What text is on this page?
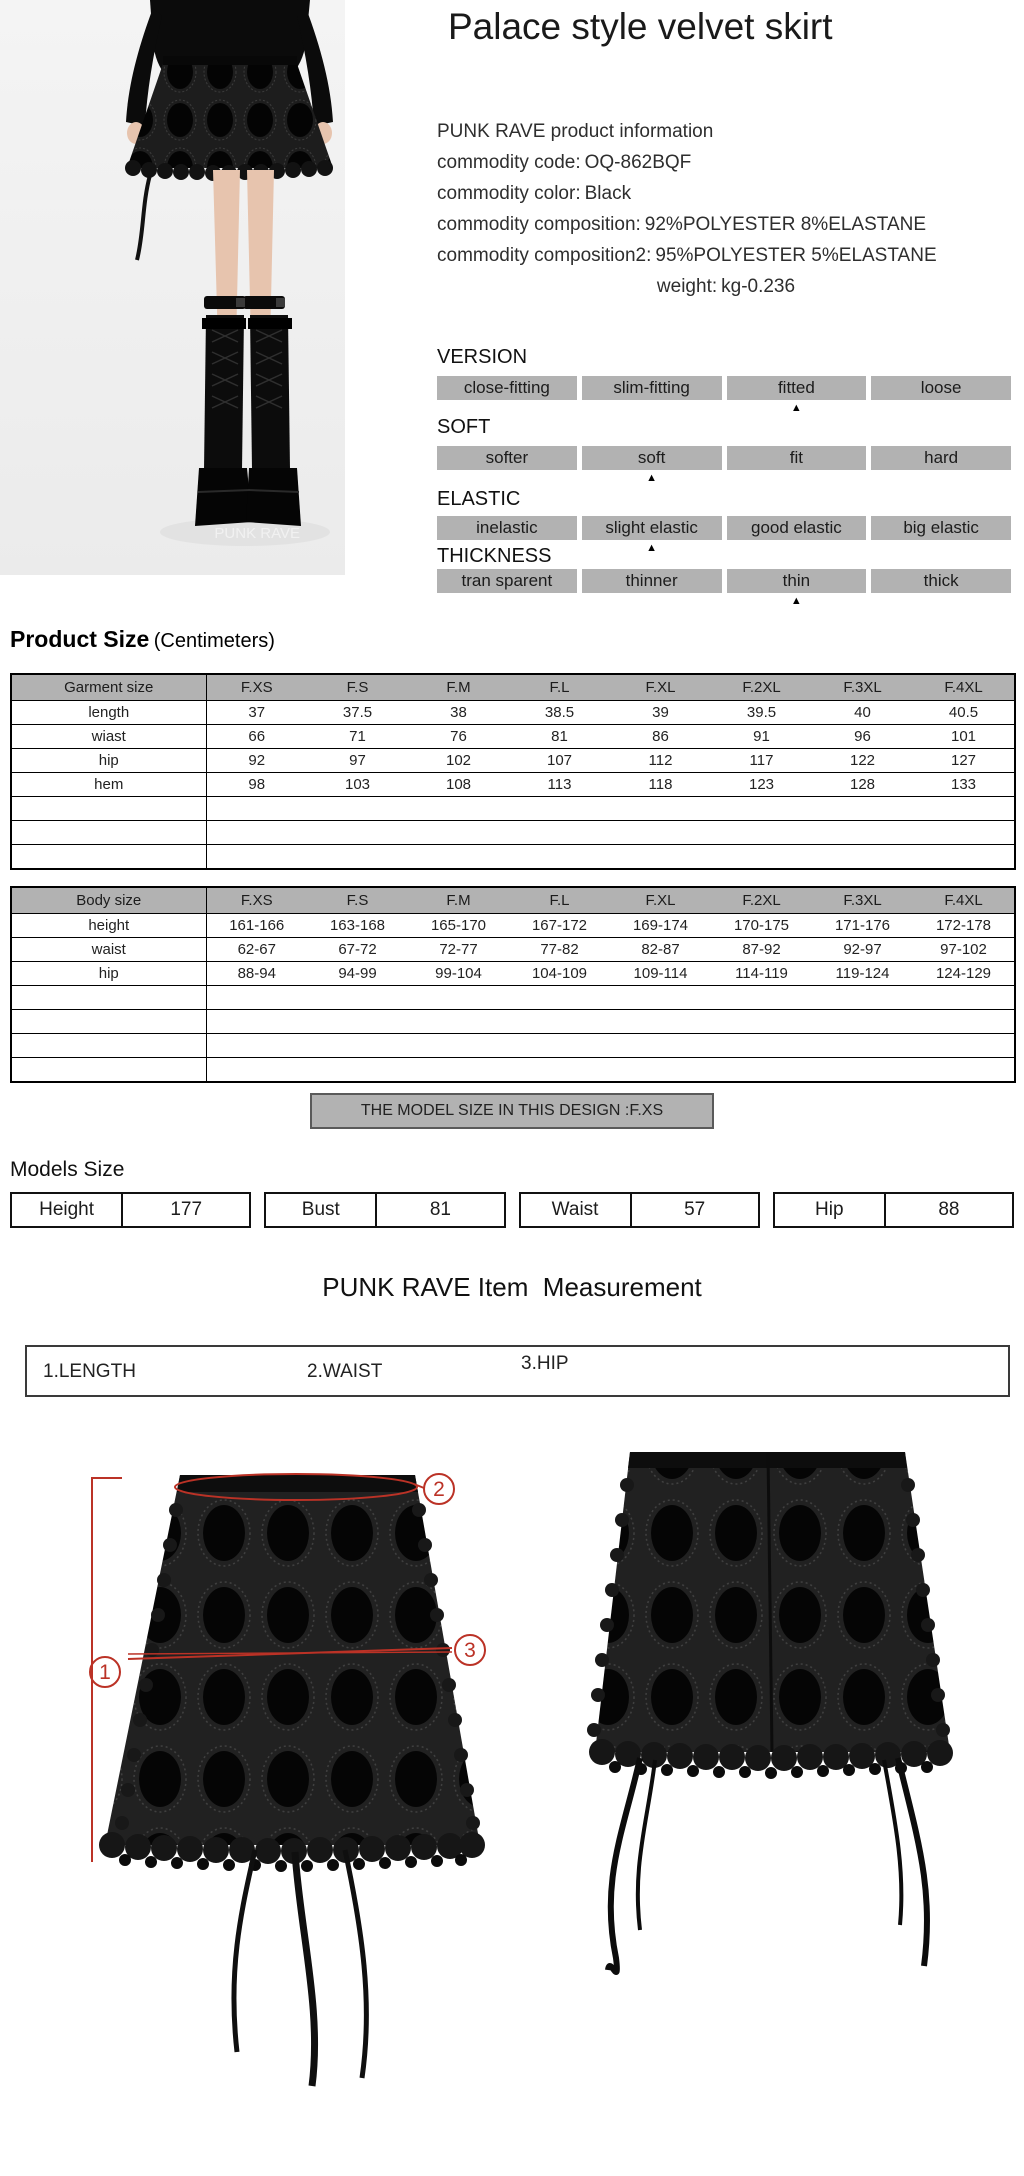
PUNK RAVE
Palace style velvet skirt
PUNK RAVE product information
commodity code: OQ-862BQF
commodity color: Black
commodity composition: 92%POLYESTER 8%ELASTANE
commodity composition2: 95%POLYESTER 5%ELASTANE
weight: kg-0.236
VERSION
close-fitting	slim-fitting	fitted	loose
▲
SOFT
softer	soft	fit	hard
▲
ELASTIC
inelastic	slight elastic	good elastic	big elastic
▲
THICKNESS
tran sparent	thinner	thin	thick
▲
Product Size (Centimeters)
Garment size	F.XS	F.S	F.M	F.L	F.XL	F.2XL	F.3XL	F.4XL
length	37	37.5	38	38.5	39	39.5	40	40.5
wiast	66	71	76	81	86	91	96	101
hip	92	97	102	107	112	117	122	127
hem	98	103	108	113	118	123	128	133

Body size	F.XS	F.S	F.M	F.L	F.XL	F.2XL	F.3XL	F.4XL
height	161-166	163-168	165-170	167-172	169-174	170-175	171-176	172-178
waist	62-67	67-72	72-77	77-82	82-87	87-92	92-97	97-102
hip	88-94	94-99	99-104	104-109	109-114	114-119	119-124	124-129

THE MODEL SIZE IN THIS DESIGN :F.XS
Models Size
Height	177	Bust	81	Waist	57	Hip	88
PUNK RAVE Item  Measurement
1.LENGTH	2.WAIST	3.HIP
1
2
3
